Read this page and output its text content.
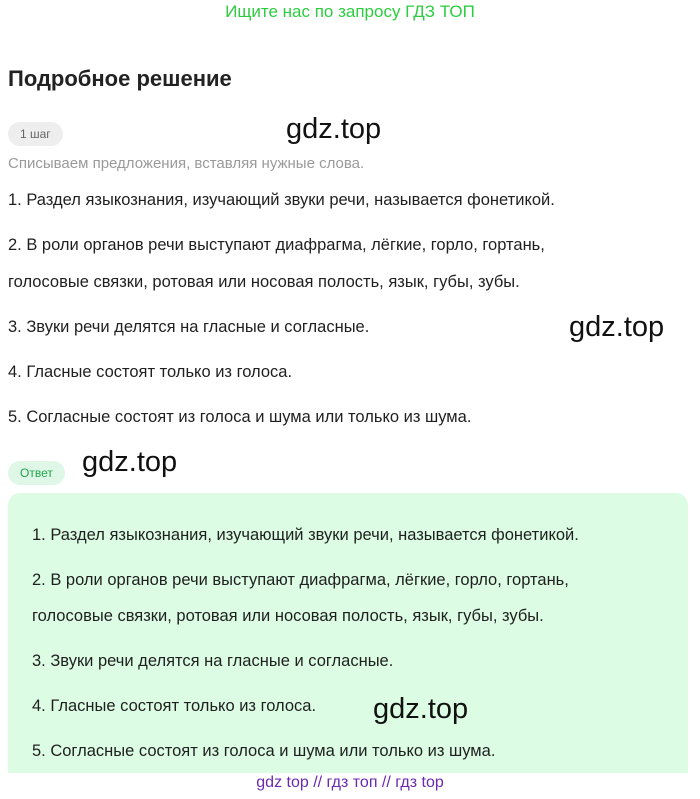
Ищите нас по запросу ГДЗ ТОП
Подробное решение
1 шаг	gdz.top
Списываем предложения, вставляя нужные слова.
1. Раздел языкознания, изучающий звуки речи, называется фонетикой.
2. В роли органов речи выступают диафрагма, лёгкие, горло, гортань,
голосовые связки, ротовая или носовая полость, язык, губы, зубы.
3. Звуки речи делятся на гласные и согласные.	gdz.top
4. Гласные состоят только из голоса.
5. Согласные состоят из голоса и шума или только из шума.
Ответ	gdz.top
1. Раздел языкознания, изучающий звуки речи, называется фонетикой.
2. В роли органов речи выступают диафрагма, лёгкие, горло, гортань,
голосовые связки, ротовая или носовая полость, язык, губы, зубы.
3. Звуки речи делятся на гласные и согласные.
4. Гласные состоят только из голоса. gdz.top
5. Согласные состоят из голоса и шума или только из шума.
gdz top // гдз топ // гдз top
